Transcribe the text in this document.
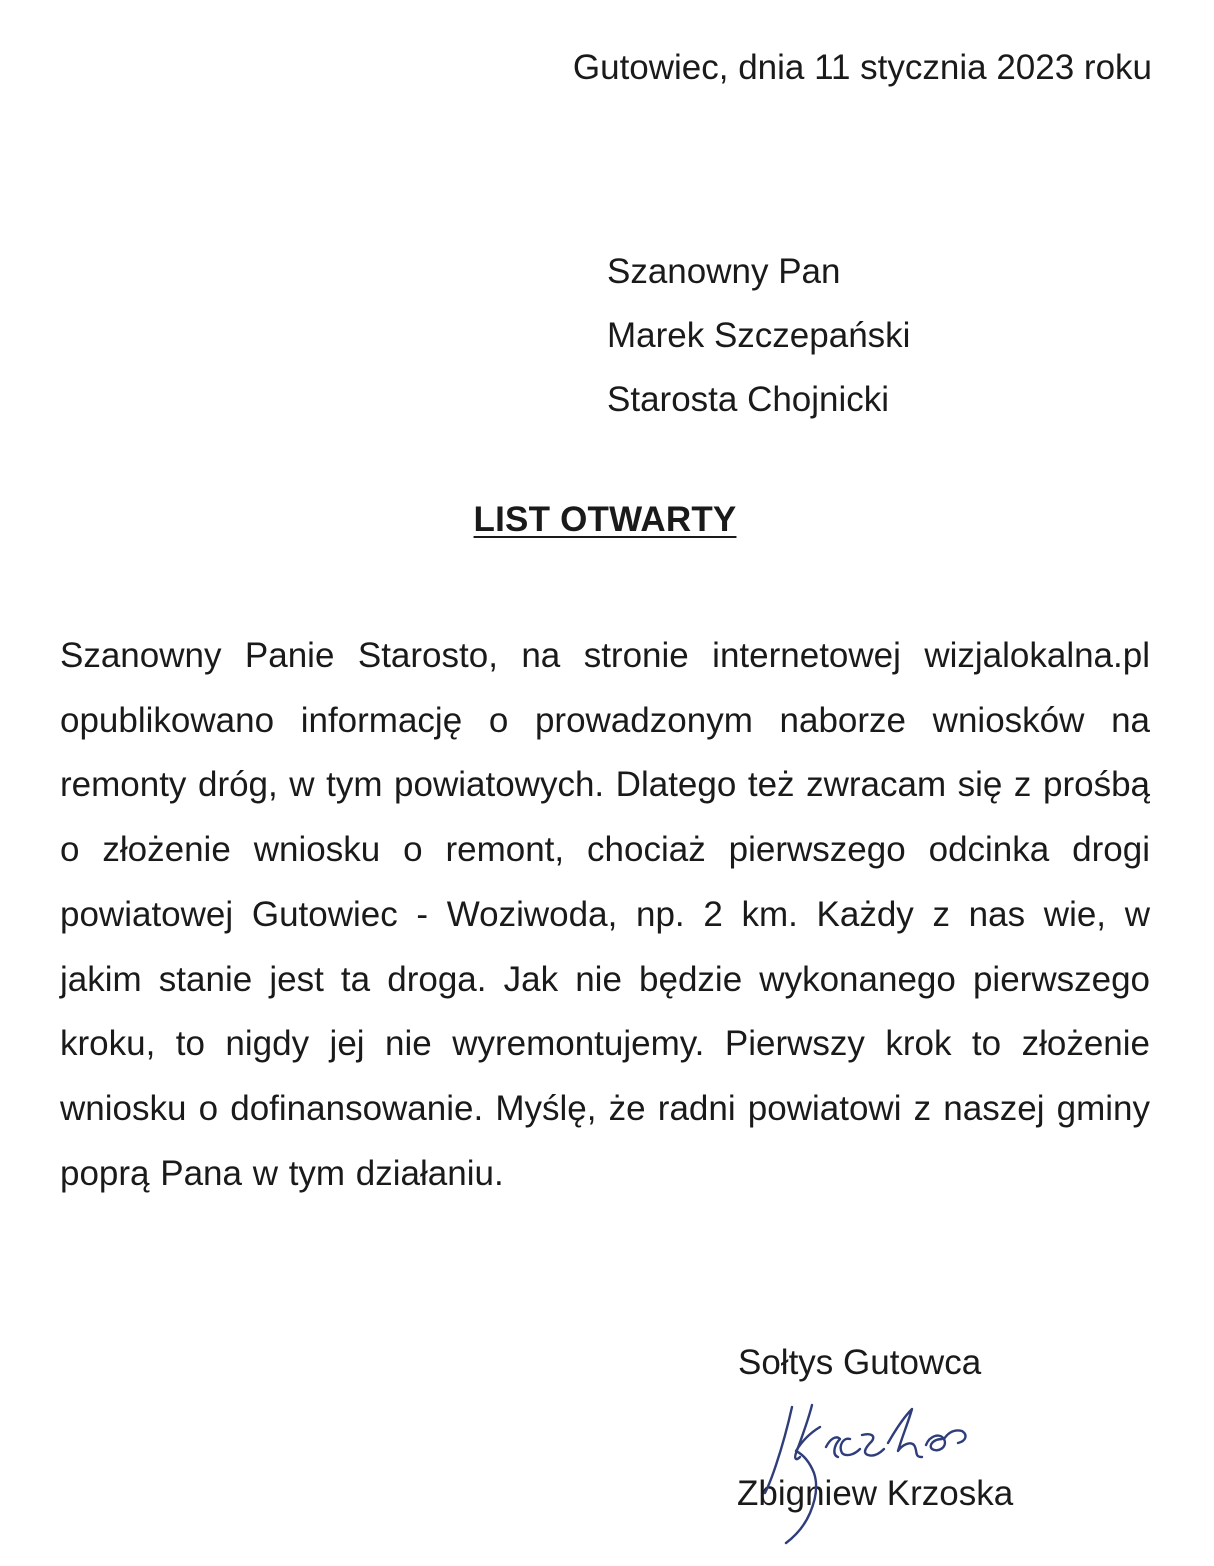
Gutowiec, dnia 11 stycznia 2023 roku
Szanowny Pan
Marek Szczepański
Starosta Chojnicki
LIST OTWARTY
Szanowny Panie Starosto, na stronie internetowej wizjalokalna.pl opublikowano informację o prowadzonym naborze wniosków na remonty dróg, w tym powiatowych. Dlatego też zwracam się z prośbą o złożenie wniosku o remont, chociaż pierwszego odcinka drogi powiatowej Gutowiec - Woziwoda, np. 2 km. Każdy z nas wie, w jakim stanie jest ta droga. Jak nie będzie wykonanego pierwszego kroku, to nigdy jej nie wyremontujemy. Pierwszy krok to złożenie wniosku o dofinansowanie. Myślę, że radni powiatowi z naszej gminy poprą Pana w tym działaniu.
Sołtys Gutowca
Zbigniew Krzoska
